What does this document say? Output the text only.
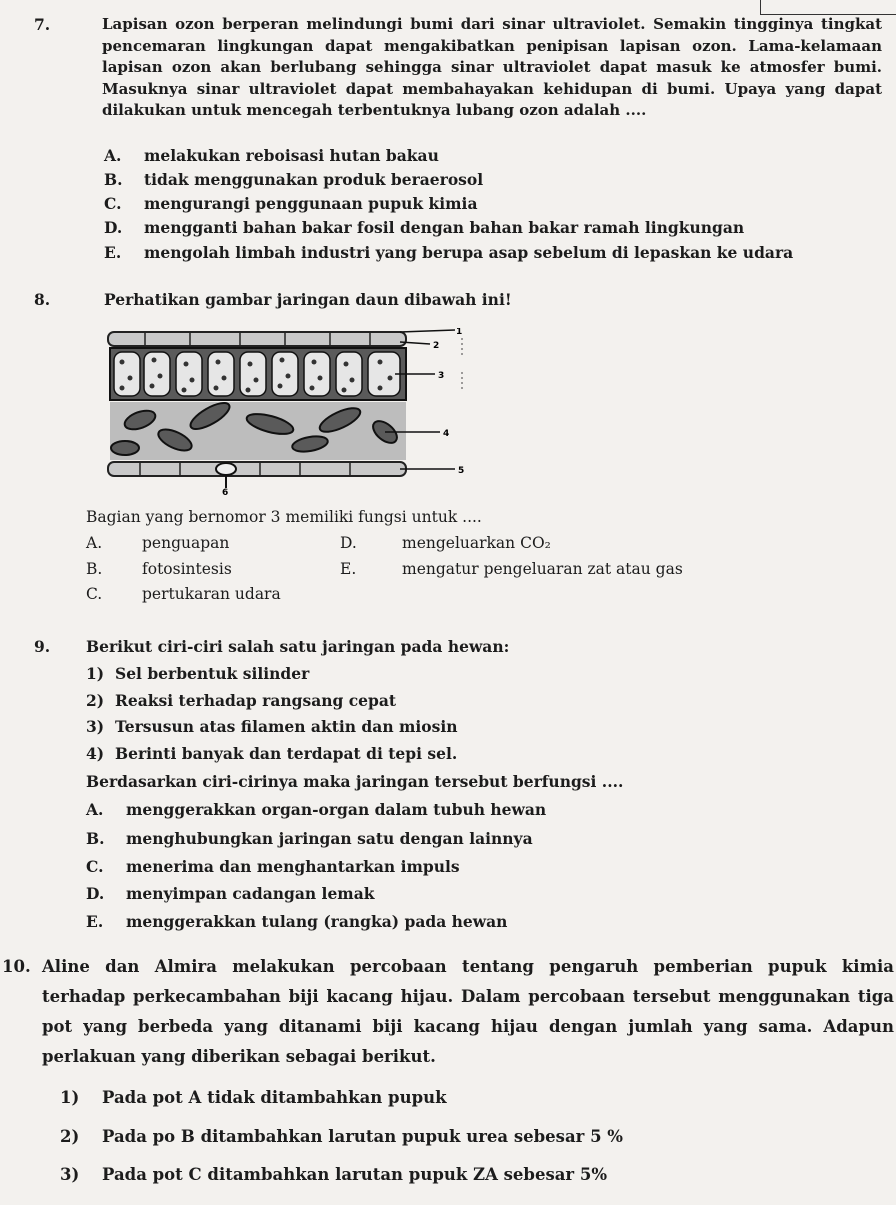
7.	Lapisan ozon berperan melindungi bumi dari sinar ultraviolet. Semakin tingginya tingkat
pencemaran lingkungan dapat mengakibatkan penipisan lapisan ozon. Lama-kelamaan
lapisan ozon akan berlubang sehingga sinar ultraviolet dapat masuk ke atmosfer bumi.
Masuknya sinar ultraviolet dapat membahayakan kehidupan di bumi. Upaya yang dapat
dilakukan untuk mencegah terbentuknya lubang ozon adalah ....
A. melakukan reboisasi hutan bakau
B. tidak menggunakan produk beraerosol
C. mengurangi penggunaan pupuk kimia
D. mengganti bahan bakar fosil dengan bahan bakar ramah lingkungan
E. mengolah limbah industri yang berupa asap sebelum di lepaskan ke udara
8.	Perhatikan gambar jaringan daun dibawah ini!
1
2
3
4
5
6
Bagian yang bernomor 3 memiliki fungsi untuk ....
A.	penguapan	D.	mengeluarkan CO₂
B.	fotosintesis	E.	mengatur pengeluaran zat atau gas
C.	pertukaran udara
9. Berikut ciri-ciri salah satu jaringan pada hewan:
1) Sel berbentuk silinder
2) Reaksi terhadap rangsang cepat
3) Tersusun atas filamen aktin dan miosin
4) Berinti banyak dan terdapat di tepi sel.
Berdasarkan ciri-cirinya maka jaringan tersebut berfungsi ....
A. menggerakkan organ-organ dalam tubuh hewan
B. menghubungkan jaringan satu dengan lainnya
C. menerima dan menghantarkan impuls
D. menyimpan cadangan lemak
E. menggerakkan tulang (rangka) pada hewan
10. Aline dan Almira melakukan percobaan tentang pengaruh pemberian pupuk kimia
terhadap perkecambahan biji kacang hijau. Dalam percobaan tersebut menggunakan tiga
pot yang berbeda yang ditanami biji kacang hijau dengan jumlah yang sama. Adapun
perlakuan yang diberikan sebagai berikut.
1) Pada pot A tidak ditambahkan pupuk
2) Pada po B ditambahkan larutan pupuk urea sebesar 5 %
3) Pada pot C ditambahkan larutan pupuk ZA sebesar 5%
